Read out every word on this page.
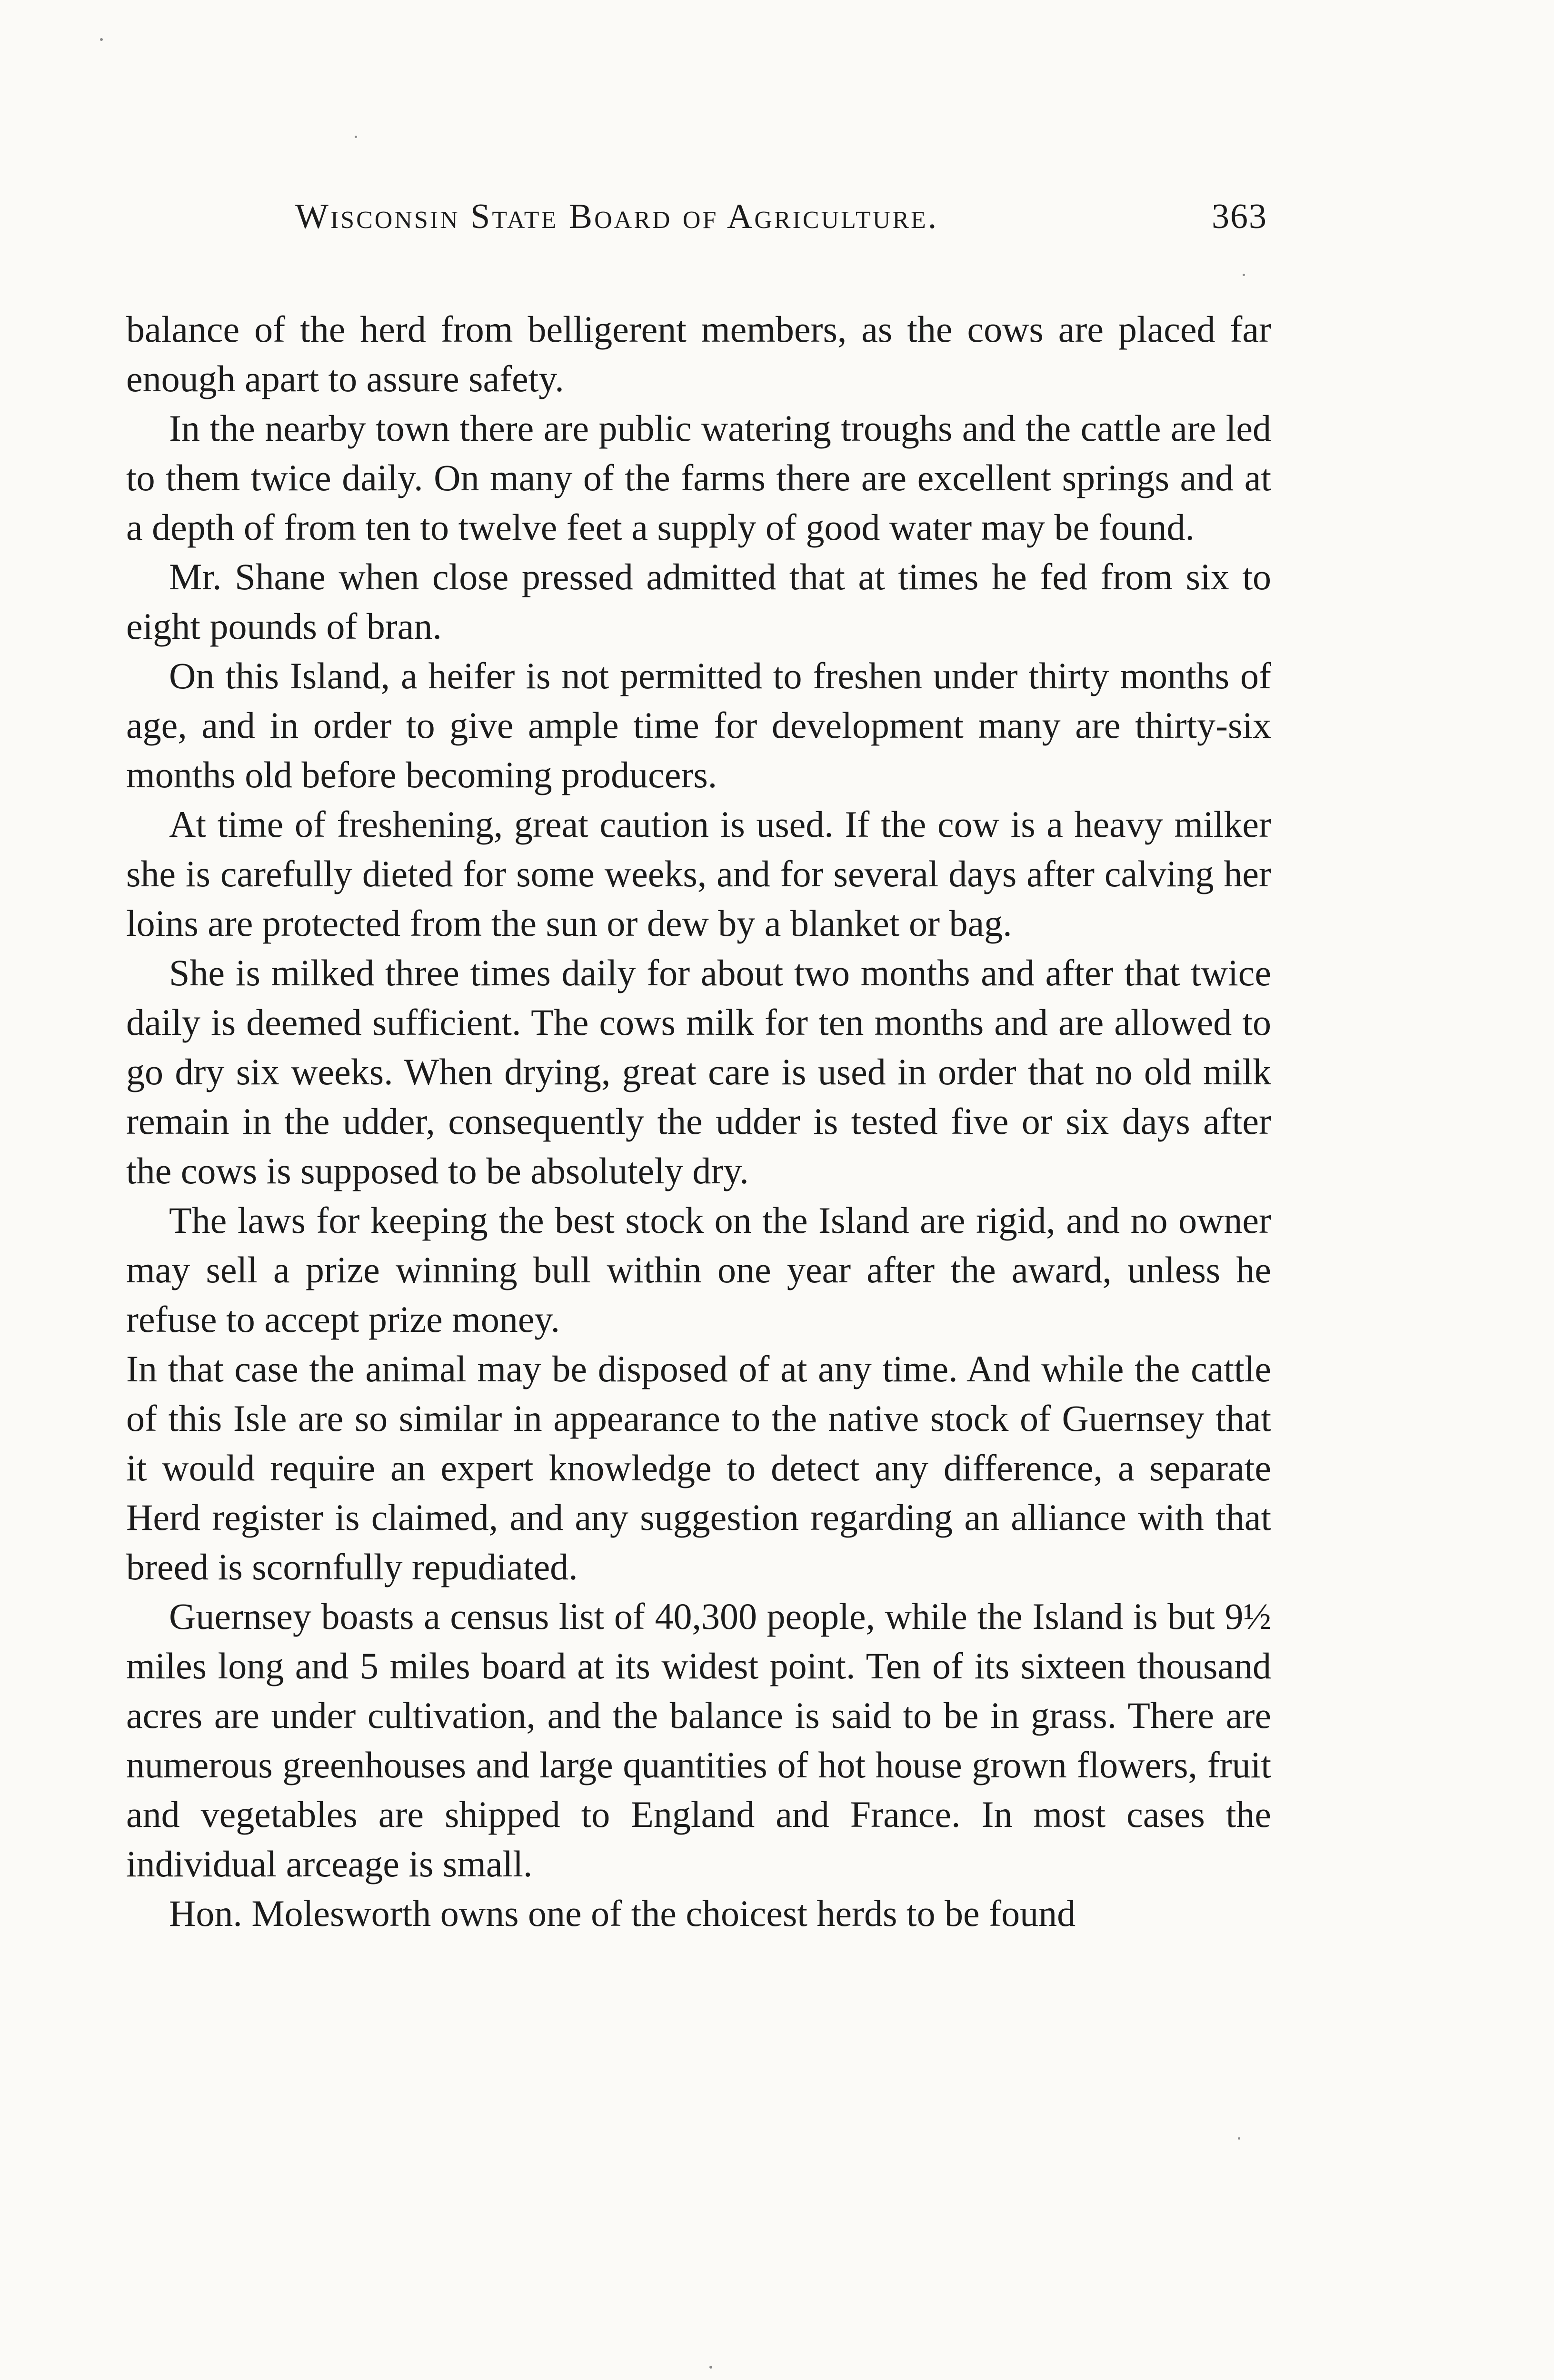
Wisconsin State Board of Agriculture.	363

balance of the herd from belligerent members, as the cows are placed far enough apart to assure safety.

In the nearby town there are public watering troughs and the cattle are led to them twice daily. On many of the farms there are excellent springs and at a depth of from ten to twelve feet a supply of good water may be found.

Mr. Shane when close pressed admitted that at times he fed from six to eight pounds of bran.

On this Island, a heifer is not permitted to freshen under thirty months of age, and in order to give ample time for development many are thirty-six months old before becoming producers.

At time of freshening, great caution is used. If the cow is a heavy milker she is carefully dieted for some weeks, and for several days after calving her loins are protected from the sun or dew by a blanket or bag.

She is milked three times daily for about two months and after that twice daily is deemed sufficient. The cows milk for ten months and are allowed to go dry six weeks. When drying, great care is used in order that no old milk remain in the udder, consequently the udder is tested five or six days after the cows is supposed to be absolutely dry.

The laws for keeping the best stock on the Island are rigid, and no owner may sell a prize winning bull within one year after the award, unless he refuse to accept prize money.

In that case the animal may be disposed of at any time. And while the cattle of this Isle are so similar in appearance to the native stock of Guernsey that it would require an expert knowledge to detect any difference, a separate Herd register is claimed, and any suggestion regarding an alliance with that breed is scornfully repudiated.

Guernsey boasts a census list of 40,300 people, while the Island is but 9½ miles long and 5 miles board at its widest point. Ten of its sixteen thousand acres are under cultivation, and the balance is said to be in grass. There are numerous greenhouses and large quantities of hot house grown flowers, fruit and vegetables are shipped to England and France. In most cases the individual arceage is small.

Hon. Molesworth owns one of the choicest herds to be found
